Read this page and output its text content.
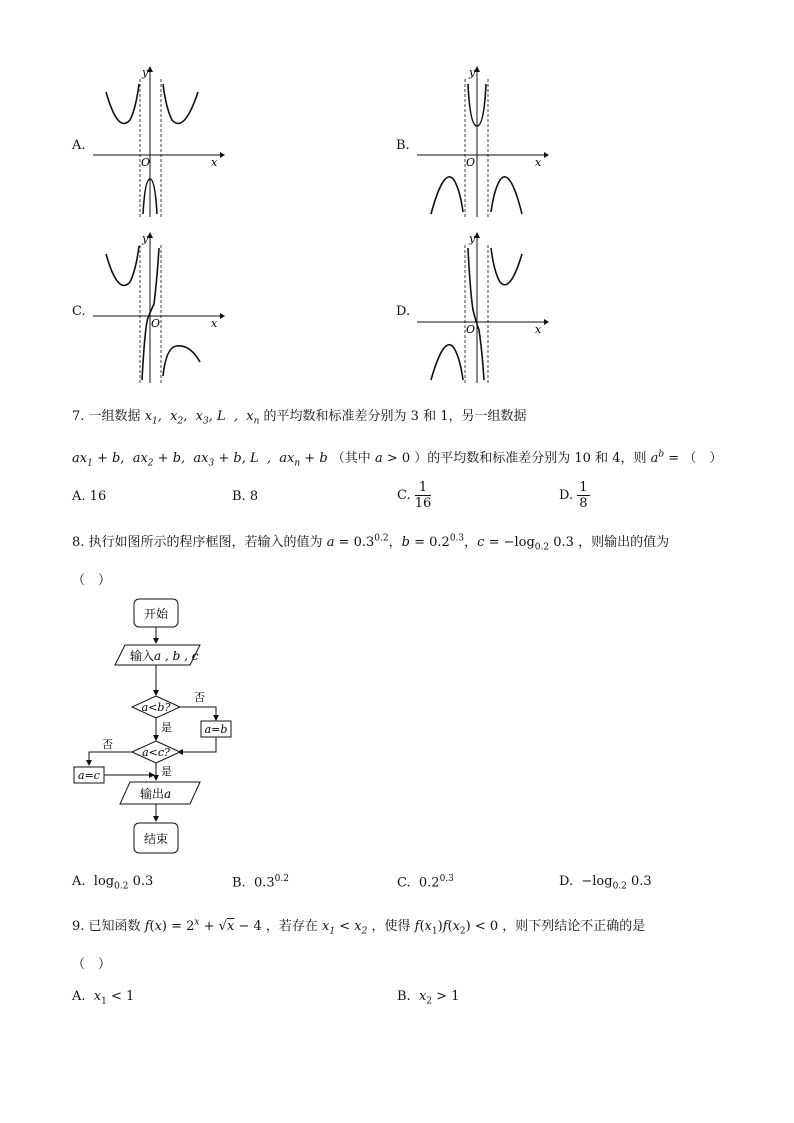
A.	B.
C.	D.
y
x
O
y
x
O
y
x
O
y
x
O
7. 一组数据 $x_1$,  $x_2$,  $x_3$, L  ,  $x_n$ 的平均数和标准差分别为 3 和 1，另一组数据
$ax_1 + b$,  $ax_2 + b$,  $ax_3 + b$, L  ,  $ax_n + b$ （其中 a > 0 ）的平均数和标准差分别为 10 和 4，则 $a^b$ = （　）
A. 16	B. 8	C. $\frac{1}{16}$	D. $\frac{1}{8}$
8. 执行如图所示的程序框图，若输入的值为 $a = 0.3^{0.2}$，$b = 0.2^{0.3}$，$c = -\log_{0.2}$ 0.3 ，则输出的值为
（　）
开始
输入a , b , c
a<b?
否
a=b
是
a<c?
否
a=c	是
输出a
结束
A.  $\log_{0.2} 0.3$	B.  $0.3^{0.2}$	C.  $0.2^{0.3}$	D.  $-\log_{0.2}$ 0.3
9. 已知函数 $f(x) = 2^x + √x - 4$ ，若存在 $x_1 < x_2$ ，使得 $f(x_1)f(x_2) < 0$ ，则下列结论不正确的是
（　）
A. $x_1 < 1$	B. $x_2 > 1$
